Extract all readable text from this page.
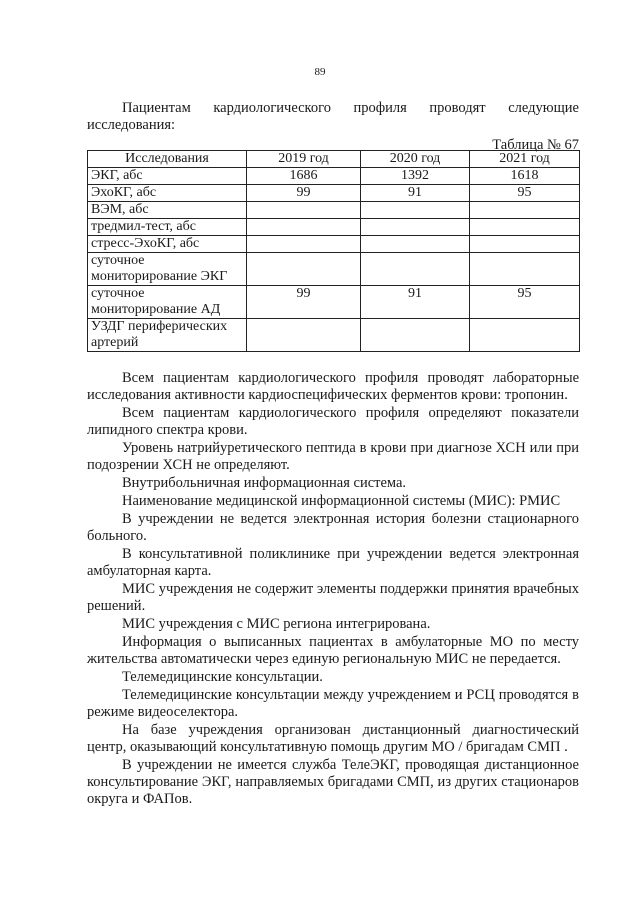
89
Пациентам кардиологического профиля проводят следующие
исследования:
Таблица № 67
Исследования	2019 год	2020 год	2021 год
ЭКГ, абс	1686	1392	1618
ЭхоКГ, абс	99	91	95
ВЭМ, абс			
тредмил-тест, абс			
стресс-ЭхоКГ, абс			
суточное мониторирование ЭКГ			
суточное мониторирование АД	99	91	95
УЗДГ периферических артерий			

Всем пациентам кардиологического профиля проводят лабораторные исследования активности кардиоспецифических ферментов крови: тропонин.

Всем пациентам кардиологического профиля определяют показатели липидного спектра крови.

Уровень натрийуретического пептида в крови при диагнозе ХСН или при подозрении ХСН не определяют.

Внутрибольничная информационная система.

Наименование медицинской информационной системы (МИС): РМИС

В учреждении не ведется электронная история болезни стационарного больного.

В консультативной поликлинике при учреждении ведется электронная амбулаторная карта.

МИС учреждения не содержит элементы поддержки принятия врачебных решений.

МИС учреждения с МИС региона интегрирована.

Информация о выписанных пациентах в амбулаторные МО по месту жительства автоматически через единую региональную МИС не передается.

Телемедицинские консультации.

Телемедицинские консультации между учреждением и РСЦ проводятся в режиме видеоселектора.

На базе учреждения организован дистанционный диагностический центр, оказывающий консультативную помощь другим МО / бригадам СМП .

В учреждении не имеется служба ТелеЭКГ, проводящая дистанционное консультирование ЭКГ, направляемых бригадами СМП, из других стационаров округа и ФАПов.
